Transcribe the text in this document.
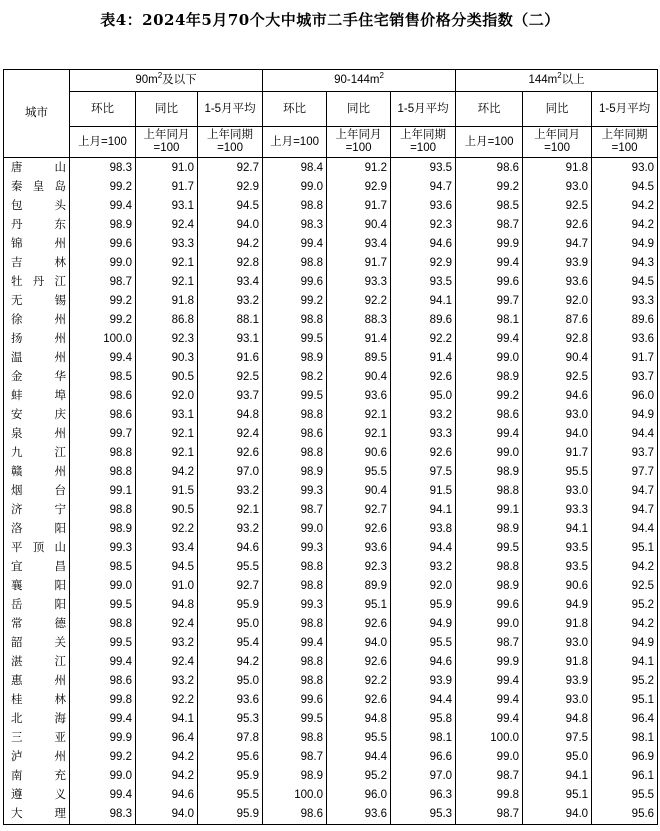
表4：2024年5月70个大中城市二手住宅销售价格分类指数（二）
城市	$90m^2$及以下			$90-144m^2$			$144m^2$以上		
	环比	同比	1-5月平均	环比	同比	1-5月平均	环比	同比	1-5月平均
	上月=100	上年同月=100	上年同期=100	上月=100	上年同月=100	上年同期=100	上月=100	上年同月=100	上年同期=100
唐山	98.3	91.0	92.7	98.4	91.2	93.5	98.6	91.8	93.0
秦皇岛	99.2	91.7	92.9	99.0	92.9	94.7	99.2	93.0	94.5
包头	99.4	93.1	94.5	98.8	91.7	93.6	98.5	92.5	94.2
丹东	98.9	92.4	94.0	98.3	90.4	92.3	98.7	92.6	94.2
锦州	99.6	93.3	94.2	99.4	93.4	94.6	99.9	94.7	94.9
吉林	99.0	92.1	92.8	98.8	91.7	92.9	99.4	93.9	94.3
牡丹江	98.7	92.1	93.4	99.6	93.3	93.5	99.6	93.6	94.5
无锡	99.2	91.8	93.2	99.2	92.2	94.1	99.7	92.0	93.3
徐州	99.2	86.8	88.1	98.8	88.3	89.6	98.1	87.6	89.6
扬州	100.0	92.3	93.1	99.5	91.4	92.2	99.4	92.8	93.6
温州	99.4	90.3	91.6	98.9	89.5	91.4	99.0	90.4	91.7
金华	98.5	90.5	92.5	98.2	90.4	92.6	98.9	92.5	93.7
蚌埠	98.6	92.0	93.7	99.5	93.6	95.0	99.2	94.6	96.0
安庆	98.6	93.1	94.8	98.8	92.1	93.2	98.6	93.0	94.9
泉州	99.7	92.1	92.4	98.6	92.1	93.3	99.4	94.0	94.4
九江	98.8	92.1	92.6	98.8	90.6	92.6	99.0	91.7	93.7
赣州	98.8	94.2	97.0	98.9	95.5	97.5	98.9	95.5	97.7
烟台	99.1	91.5	93.2	99.3	90.4	91.5	98.8	93.0	94.7
济宁	98.8	90.5	92.1	98.7	92.7	94.1	99.1	93.3	94.7
洛阳	98.9	92.2	93.2	99.0	92.6	93.8	98.9	94.1	94.4
平顶山	99.3	93.4	94.6	99.3	93.6	94.4	99.5	93.5	95.1
宜昌	98.5	94.5	95.5	98.8	92.3	93.2	98.8	93.5	94.2
襄阳	99.0	91.0	92.7	98.8	89.9	92.0	98.9	90.6	92.5
岳阳	99.5	94.8	95.9	99.3	95.1	95.9	99.6	94.9	95.2
常德	98.8	92.4	95.0	98.8	92.6	94.9	99.0	91.8	94.2
韶关	99.5	93.2	95.4	99.4	94.0	95.5	98.7	93.0	94.9
湛江	99.4	92.4	94.2	98.8	92.6	94.6	99.9	91.8	94.1
惠州	98.6	93.2	95.0	98.8	92.2	93.9	99.4	93.9	95.2
桂林	99.8	92.2	93.6	99.6	92.6	94.4	99.4	93.0	95.1
北海	99.4	94.1	95.3	99.5	94.8	95.8	99.4	94.8	96.4
三亚	99.9	96.4	97.8	98.8	95.5	98.1	100.0	97.5	98.1
泸州	99.2	94.2	95.6	98.7	94.4	96.6	99.0	95.0	96.9
南充	99.0	94.2	95.9	98.9	95.2	97.0	98.7	94.1	96.1
遵义	99.4	94.6	95.5	100.0	96.0	96.3	99.8	95.1	95.5
大理	98.3	94.0	95.9	98.6	93.6	95.3	98.7	94.0	95.6
